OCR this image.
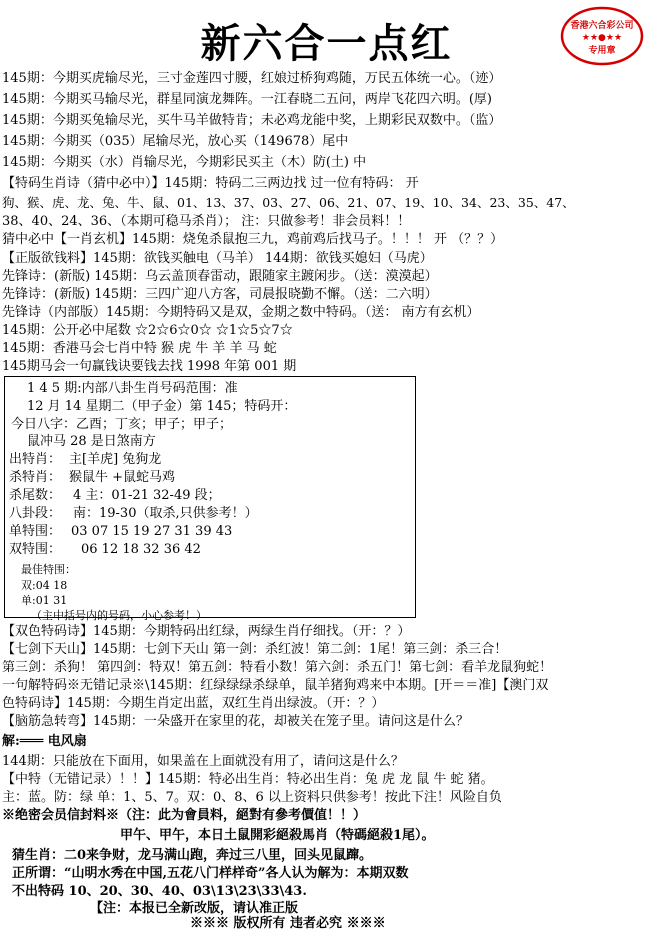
新六合一点红	香港六合彩公司
★★●★★
专用章
145期：今期买虎输尽光，三寸金莲四寸腰，红娘过桥狗鸡随，万民五体统一心。（迹）
145期：今期买马输尽光，群星同演龙舞阵。一江春晓二五问，两岸飞花四六明。(厚)
145期：今期买兔输尽光，买牛马羊做特肯；未必鸡龙能中奖，上期彩民双数中。（监）
145期：今期买（035）尾输尽光，放心买（149678）尾中
145期：今期买（水）肖输尽光，今期彩民买主（木）防(土) 中
【特码生肖诗（猜中必中）】145期：特码二三两边找 过一位有特码： 开
狗、猴、虎、龙、兔、牛、鼠、01、13、37、03、27、06、21、07、19、10、34、23、35、47、
38、40、24、36、（本期可稳马杀肖）； 注：只做参考！非会员料！！
猜中必中【一肖玄机】145期：烧兔杀鼠抱三九，鸡前鸡后找马子。！！！ 开 （？？）
【正版欲钱料】145期：欲钱买触电（马羊） 144期：欲钱买媳妇（马虎）
先锋诗：(新版) 145期：乌云盖顶春雷动，跟随家主踱闲步。（送：漠漠起）
先锋诗：(新版) 145期：三四广迎八方客，司晨报晓勤不懈。（送：二六明）
先锋诗（内部版）145期：今期特码又是双，金期之数中特码。（送： 南方有玄机）
145期：公开必中尾数 ☆2☆6☆0☆ ☆1☆5☆7☆
145期：香港马会七肖中特 猴 虎 牛 羊 羊 马 蛇
145期马会一句赢钱诀要钱去找 1998 年第 001 期
1 4 5 期:内部八卦生肖号码范围：准
12 月 14 星期二（甲子金）第 145；特码开：
今日八字：乙酉；丁亥；甲子；甲子；
鼠冲马 28 是日煞南方
出特肖： 主[羊虎] 兔狗龙
杀特肖： 猴鼠牛 +鼠蛇马鸡
杀尾数： 4 主：01-21 32-49 段；
八卦段： 南：19-30（取杀,只供参考！）
单特围： 03 07 15 19 27 31 39 43
双特围： 06 12 18 32 36 42
最佳特围：
双:04 18
单:01 31
（主中括号内的号码，小心参考！）
【双色特码诗】145期：今期特码出红绿，两绿生肖仔细找。（开：？）
【七剑下天山】145期：七剑下天山 第一剑：杀红波！第二剑：1尾！第三剑：杀三合！
第三剑：杀狗！ 第四剑：特双！第五剑：特看小数！第六剑：杀五门！第七剑：看羊龙鼠狗蛇！
一句解特码※无错记录※\145期：红绿绿绿杀绿单，鼠羊猪狗鸡来中本期。[开＝＝准]【澳门双
色特码诗】145期：今期生肖定出蓝，双红生肖出绿波。（开：？）
【脑筋急转弯】145期：一朵盛开在家里的花，却被关在笼子里。请问这是什么？
解:═══ 电风扇
144期：只能放在下面用，如果盖在上面就没有用了，请问这是什么？
【中特（无错记录）！！】145期：特必出生肖：特必出生肖：兔 虎 龙 鼠 牛 蛇 猪。
主：蓝。防：绿 单：1、5、7。双：0、8、6 以上资料只供参考！按此下注！风险自负
※绝密会员信封料※（注：此为會員料，絕對有參考價值！！）
甲午、甲午，本日土鼠開彩絕殺馬肖（特碼絕殺1尾）。
猜生肖：二0来争财，龙马满山跑，奔过三八里，回头见鼠蹿。
正所谓：“山明水秀在中国,五花八门样样奇”各人认为解为：本期双数
不出特码 10、20、30、40、03\13\23\33\43.
【注：本报已全新改版，请认准正版
※※※ 版权所有 违者必究 ※※※
